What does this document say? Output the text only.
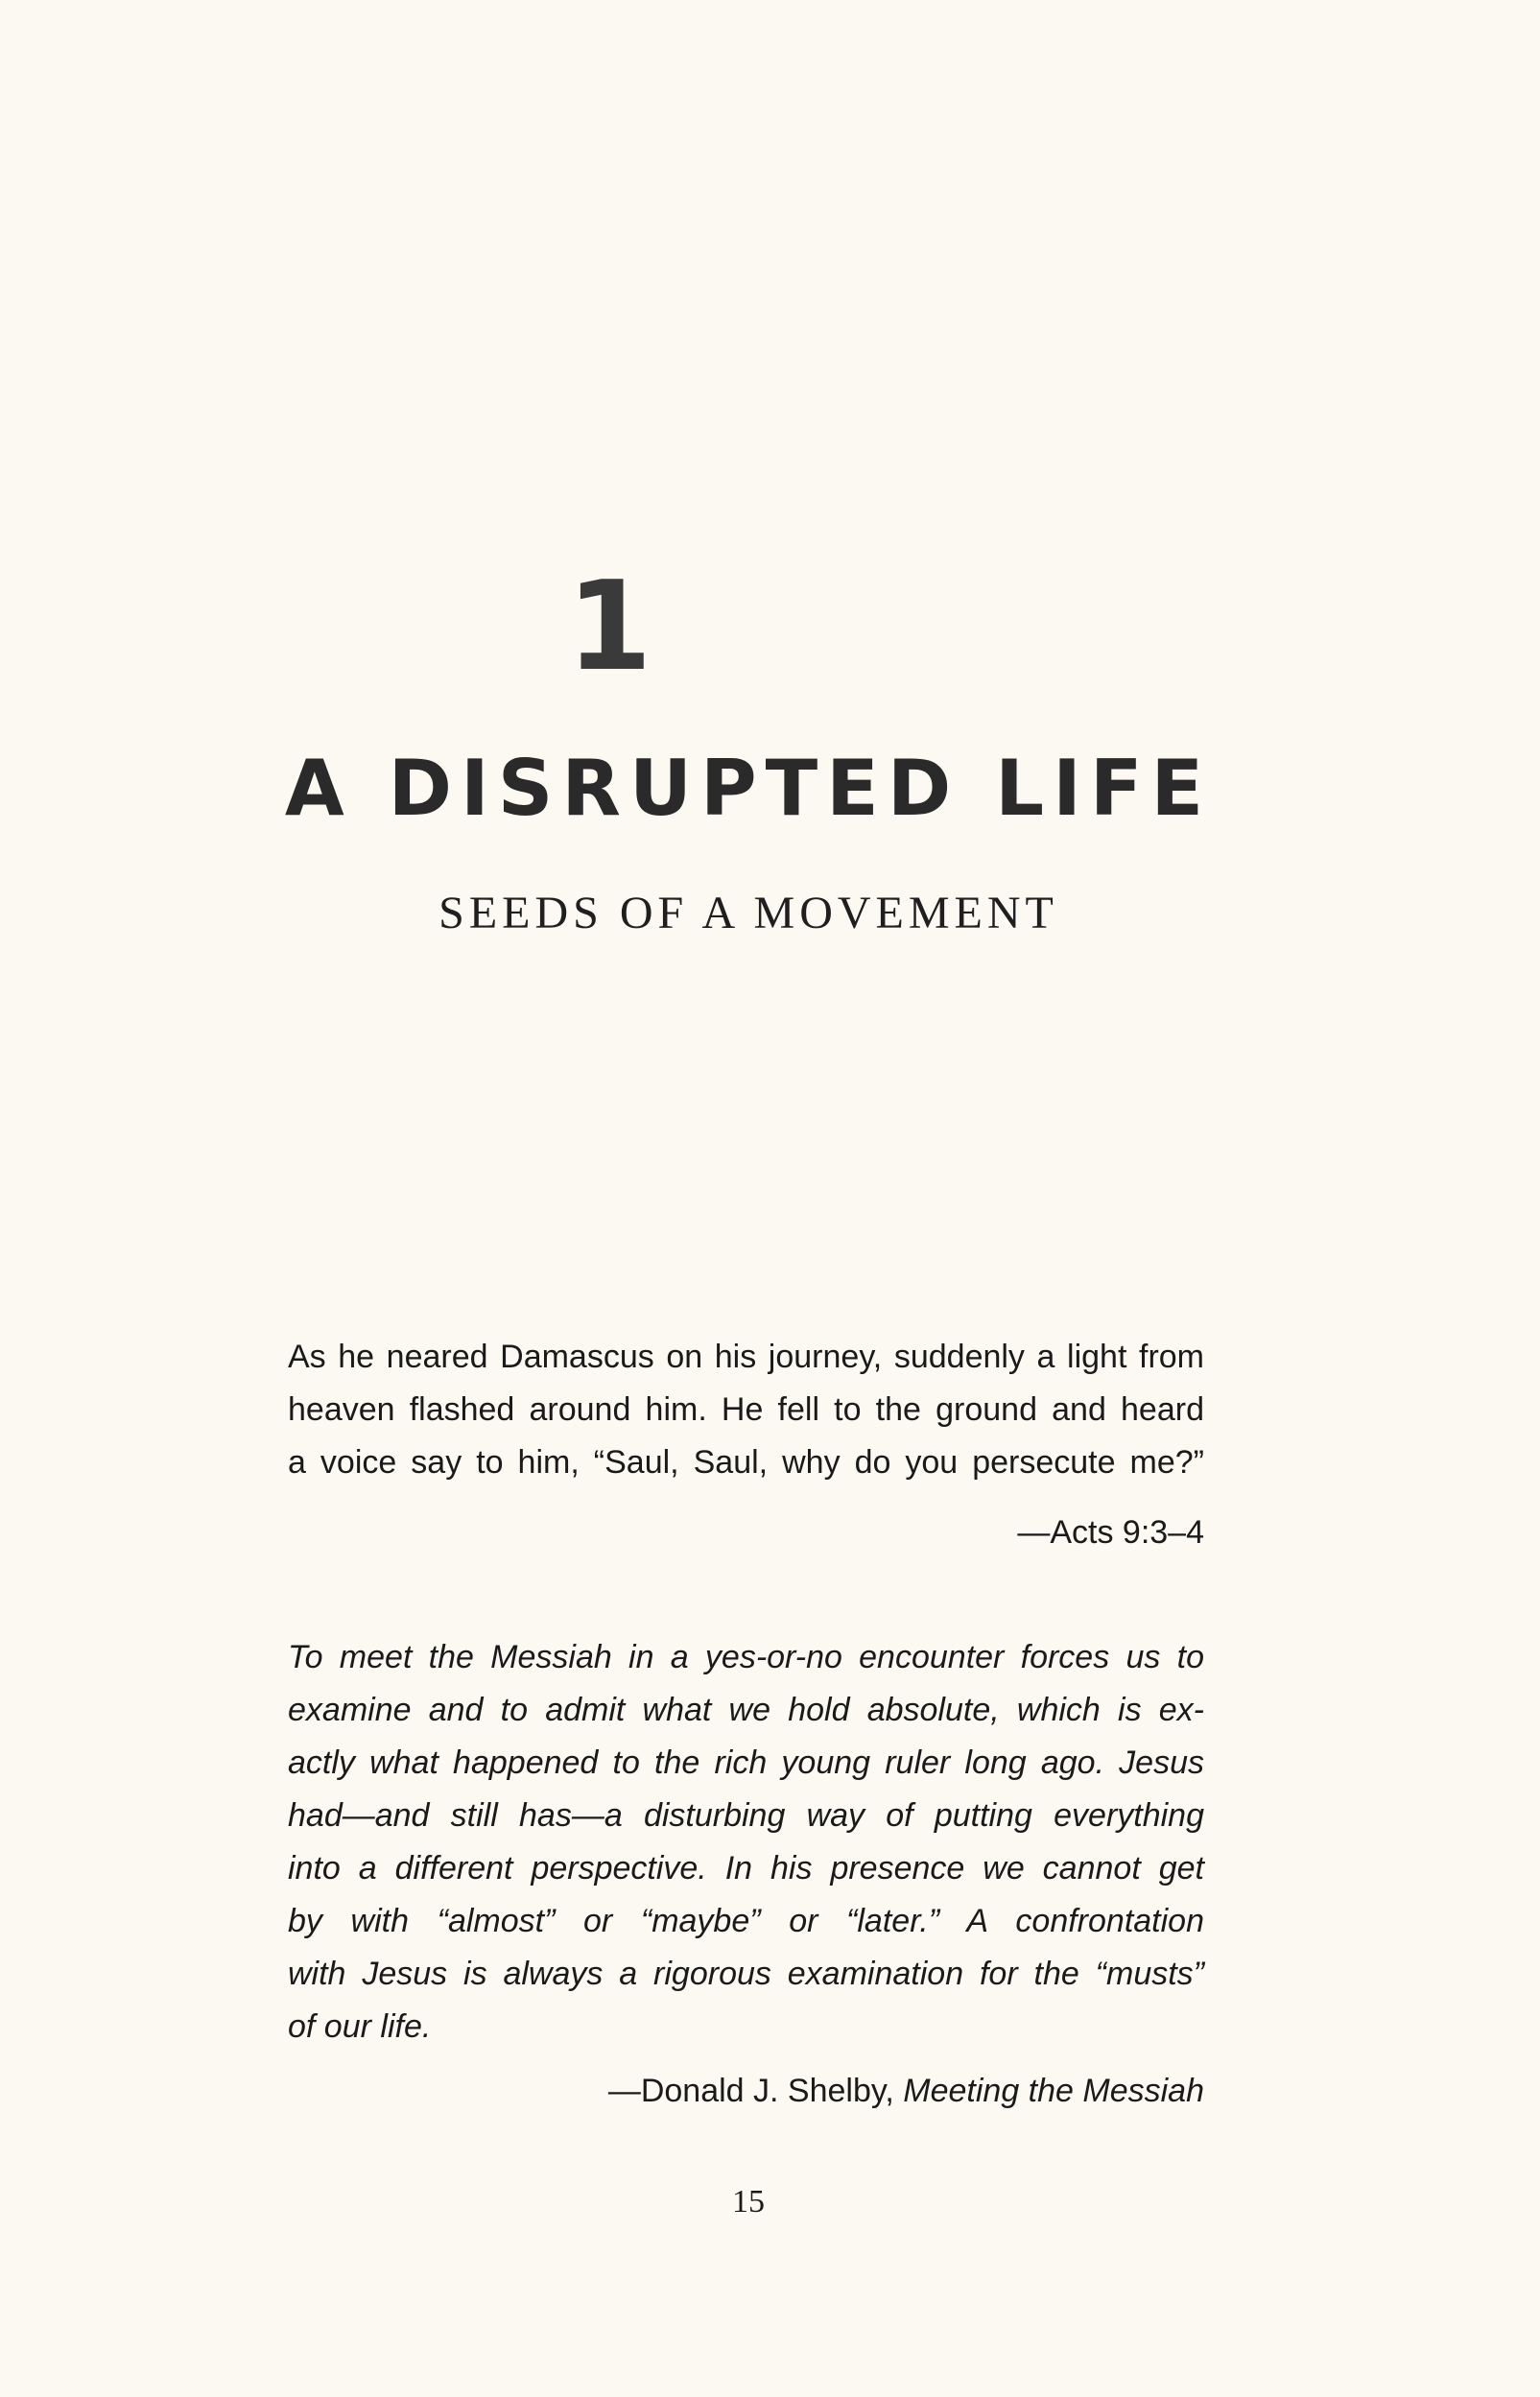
1
A DISRUPTED LIFE
SEEDS OF A MOVEMENT
As he neared Damascus on his journey, suddenly a light from
heaven flashed around him. He fell to the ground and heard
a voice say to him, “Saul, Saul, why do you persecute me?”
—Acts 9:3–4
To meet the Messiah in a yes-or-no encounter forces us to
examine and to admit what we hold absolute, which is ex-
actly what happened to the rich young ruler long ago. Jesus
had—and still has—a disturbing way of putting everything
into a different perspective. In his presence we cannot get
by with “almost” or “maybe” or “later.” A confrontation
with Jesus is always a rigorous examination for the “musts”
of our life.
—Donald J. Shelby, Meeting the Messiah
15
